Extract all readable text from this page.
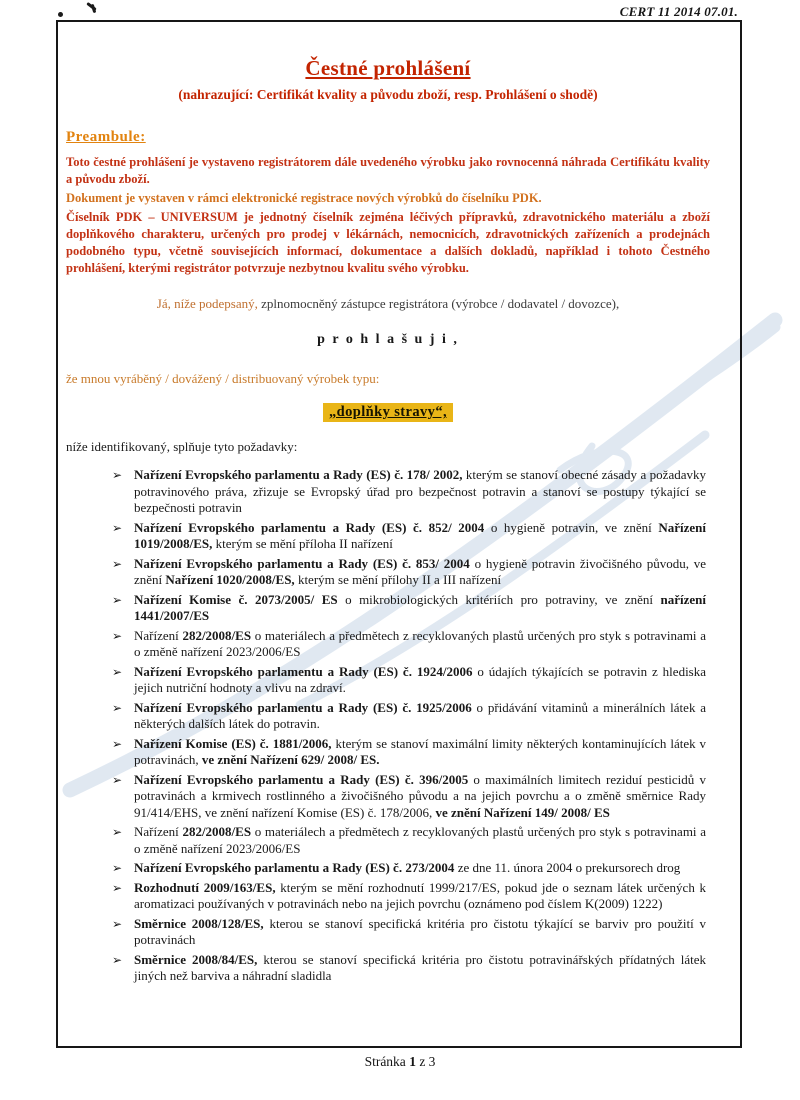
CERT 11 2014 07.01.
Čestné prohlášení
(nahrazující: Certifikát kvality a původu zboží, resp. Prohlášení o shodě)
Preambule:

Toto čestné prohlášení je vystaveno registrátorem dále uvedeného výrobku jako rovnocenná náhrada Certifikátu kvality a původu zboží.

Dokument je vystaven v rámci elektronické registrace nových výrobků do číselníku PDK.

Číselník PDK – UNIVERSUM je jednotný číselník zejména léčivých přípravků, zdravotnického materiálu a zboží doplňkového charakteru, určených pro prodej v lékárnách, nemocnicích, zdravotnických zařízeních a prodejnách podobného typu, včetně souvisejících informací, dokumentace a dalších dokladů, například i tohoto Čestného prohlášení, kterými registrátor potvrzuje nezbytnou kvalitu svého výrobku.

Já, níže podepsaný, zplnomocněný zástupce registrátora (výrobce / dodavatel / dovozce),
p r o h l a š u j i ,
že mnou vyráběný / dovážený / distribuovaný výrobek typu:
„doplňky stravy“,
níže identifikovaný, splňuje tyto požadavky:
➢ Nařízení Evropského parlamentu a Rady (ES) č. 178/ 2002, kterým se stanoví obecné zásady a požadavky potravinového práva, zřizuje se Evropský úřad pro bezpečnost potravin a stanoví se postupy týkající se bezpečnosti potravin
➢ Nařízení Evropského parlamentu a Rady (ES) č. 852/ 2004 o hygieně potravin, ve znění Nařízení 1019/2008/ES, kterým se mění příloha II nařízení
➢ Nařízení Evropského parlamentu a Rady (ES) č. 853/ 2004 o hygieně potravin živočišného původu, ve znění Nařízení 1020/2008/ES, kterým se mění přílohy II a III nařízení
➢ Nařízení Komise č. 2073/2005/ ES o mikrobiologických kritériích pro potraviny, ve znění nařízení 1441/2007/ES
➢ Nařízení 282/2008/ES o materiálech a předmětech z recyklovaných plastů určených pro styk s potravinami a o změně nařízení 2023/2006/ES
➢ Nařízení Evropského parlamentu a Rady (ES) č. 1924/2006 o údajích týkajících se potravin z hlediska jejich nutriční hodnoty a vlivu na zdraví.
➢ Nařízení Evropského parlamentu a Rady (ES) č. 1925/2006 o přidávání vitaminů a minerálních látek a některých dalších látek do potravin.
➢ Nařízení Komise (ES) č. 1881/2006, kterým se stanoví maximální limity některých kontaminujících látek v potravinách, ve znění Nařízení 629/ 2008/ ES.
➢ Nařízení Evropského parlamentu a Rady (ES) č. 396/2005 o maximálních limitech reziduí pesticidů v potravinách a krmivech rostlinného a živočišného původu a na jejich povrchu a o změně směrnice Rady 91/414/EHS, ve znění nařízení Komise (ES) č. 178/2006, ve znění Nařízení 149/ 2008/ ES
➢ Nařízení 282/2008/ES o materiálech a předmětech z recyklovaných plastů určených pro styk s potravinami a o změně nařízení 2023/2006/ES
➢ Nařízení Evropského parlamentu a Rady (ES) č. 273/2004 ze dne 11. února 2004 o prekursorech drog
➢ Rozhodnutí 2009/163/ES, kterým se mění rozhodnutí 1999/217/ES, pokud jde o seznam látek určených k aromatizaci používaných v potravinách nebo na jejich povrchu (oznámeno pod číslem K(2009) 1222)
➢ Směrnice 2008/128/ES, kterou se stanoví specifická kritéria pro čistotu týkající se barviv pro použití v potravinách
➢ Směrnice 2008/84/ES, kterou se stanoví specifická kritéria pro čistotu potravinářských přídatných látek jiných než barviva a náhradní sladidla
Stránka 1 z 3
